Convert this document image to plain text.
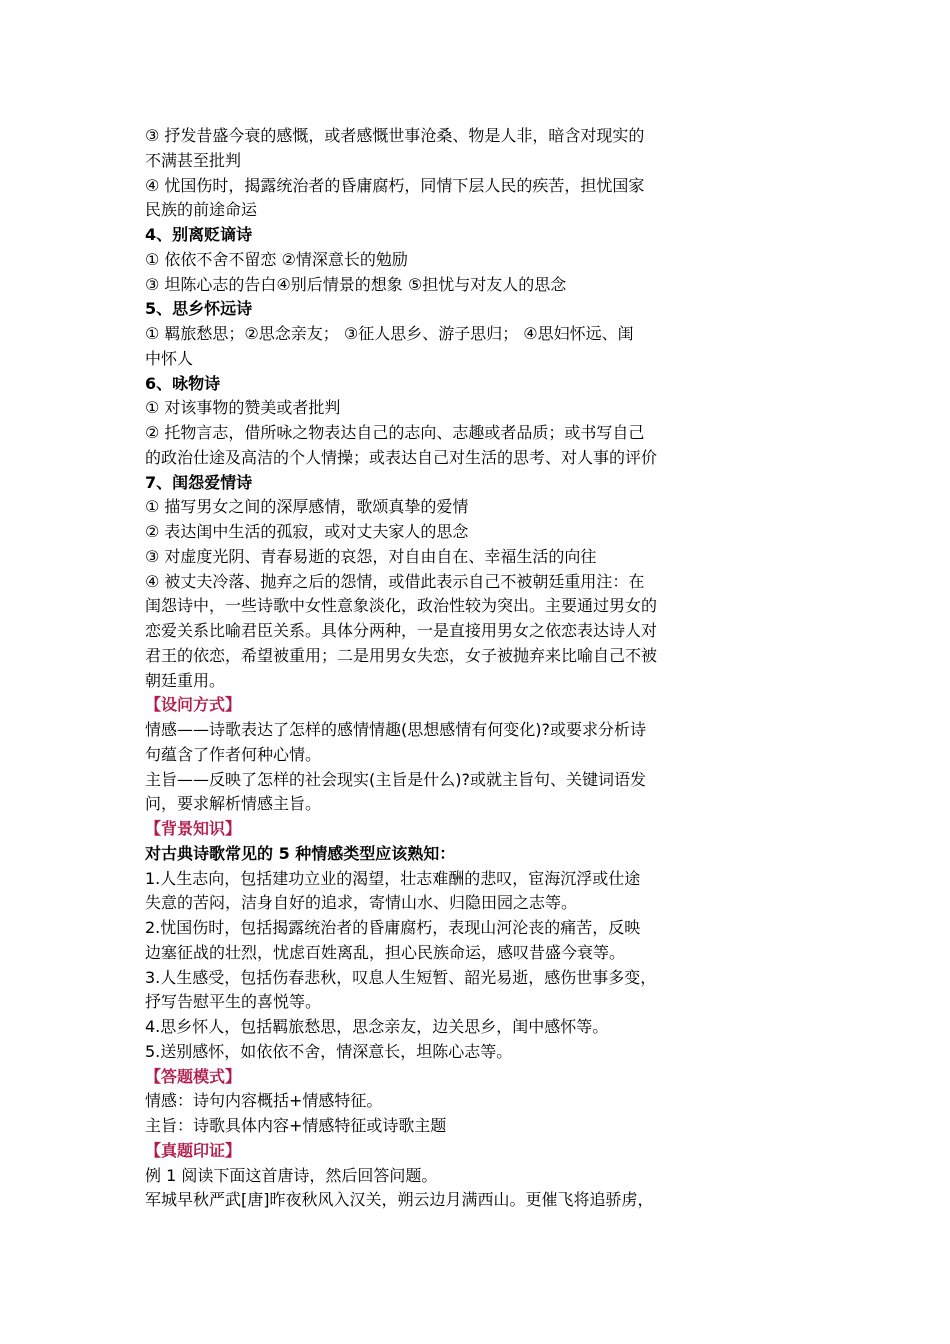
③ 抒发昔盛今衰的感慨，或者感慨世事沧桑、物是人非，暗含对现实的
不满甚至批判
④ 忧国伤时，揭露统治者的昏庸腐朽，同情下层人民的疾苦，担忧国家
民族的前途命运
4、别离贬谪诗
① 依依不舍不留恋 ②情深意长的勉励
③ 坦陈心志的告白④别后情景的想象 ⑤担忧与对友人的思念
5、思乡怀远诗
① 羁旅愁思；②思念亲友； ③征人思乡、游子思归； ④思妇怀远、闺
中怀人
6、咏物诗
① 对该事物的赞美或者批判
② 托物言志，借所咏之物表达自己的志向、志趣或者品质；或书写自己
的政治仕途及高洁的个人情操；或表达自己对生活的思考、对人事的评价
7、闺怨爱情诗
① 描写男女之间的深厚感情，歌颂真挚的爱情
② 表达闺中生活的孤寂，或对丈夫家人的思念
③ 对虚度光阴、青春易逝的哀怨，对自由自在、幸福生活的向往
④ 被丈夫冷落、抛弃之后的怨情，或借此表示自己不被朝廷重用注：在
闺怨诗中，一些诗歌中女性意象淡化，政治性较为突出。主要通过男女的
恋爱关系比喻君臣关系。具体分两种，一是直接用男女之依恋表达诗人对
君王的依恋，希望被重用；二是用男女失恋，女子被抛弃来比喻自己不被
朝廷重用。
【设问方式】
情感——诗歌表达了怎样的感情情趣(思想感情有何变化)?或要求分析诗
句蕴含了作者何种心情。
主旨——反映了怎样的社会现实(主旨是什么)?或就主旨句、关键词语发
问，要求解析情感主旨。
【背景知识】
对古典诗歌常见的 5 种情感类型应该熟知：
1.人生志向，包括建功立业的渴望，壮志难酬的悲叹，宦海沉浮或仕途
失意的苦闷，洁身自好的追求，寄情山水、归隐田园之志等。
2.忧国伤时，包括揭露统治者的昏庸腐朽，表现山河沦丧的痛苦，反映
边塞征战的壮烈，忧虑百姓离乱，担心民族命运，感叹昔盛今衰等。
3.人生感受，包括伤春悲秋，叹息人生短暂、韶光易逝，感伤世事多变，
抒写告慰平生的喜悦等。
4.思乡怀人，包括羁旅愁思，思念亲友，边关思乡，闺中感怀等。
5.送别感怀，如依依不舍，情深意长，坦陈心志等。
【答题模式】
情感：诗句内容概括+情感特征。
主旨：诗歌具体内容+情感特征或诗歌主题
【真题印证】
例 1 阅读下面这首唐诗，然后回答问题。
军城早秋严武[唐]昨夜秋风入汉关，朔云边月满西山。更催飞将追骄虏，
